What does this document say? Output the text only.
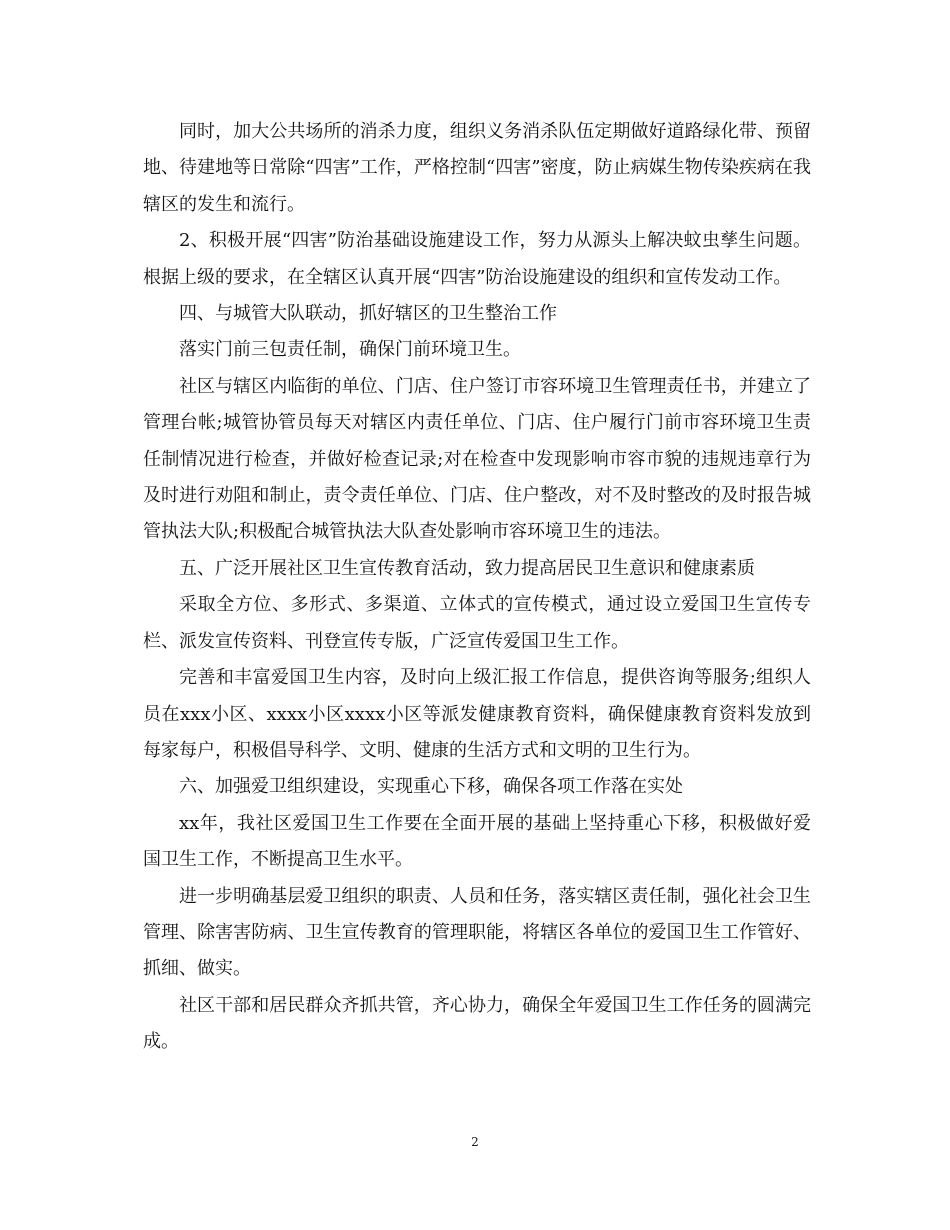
同时，加大公共场所的消杀力度，组织义务消杀队伍定期做好道路绿化带、预留地、待建地等日常除“四害”工作，严格控制“四害”密度，防止病媒生物传染疾病在我辖区的发生和流行。

2、积极开展“四害”防治基础设施建设工作，努力从源头上解决蚊虫孳生问题。根据上级的要求，在全辖区认真开展“四害”防治设施建设的组织和宣传发动工作。

四、与城管大队联动，抓好辖区的卫生整治工作

落实门前三包责任制，确保门前环境卫生。

社区与辖区内临街的单位、门店、住户签订市容环境卫生管理责任书，并建立了管理台帐;城管协管员每天对辖区内责任单位、门店、住户履行门前市容环境卫生责任制情况进行检查，并做好检查记录;对在检查中发现影响市容市貌的违规违章行为及时进行劝阻和制止，责令责任单位、门店、住户整改，对不及时整改的及时报告城管执法大队;积极配合城管执法大队查处影响市容环境卫生的违法。

五、广泛开展社区卫生宣传教育活动，致力提高居民卫生意识和健康素质

采取全方位、多形式、多渠道、立体式的宣传模式，通过设立爱国卫生宣传专栏、派发宣传资料、刊登宣传专版，广泛宣传爱国卫生工作。

完善和丰富爱国卫生内容，及时向上级汇报工作信息，提供咨询等服务;组织人员在xxx小区、xxxx小区xxxx小区等派发健康教育资料，确保健康教育资料发放到每家每户，积极倡导科学、文明、健康的生活方式和文明的卫生行为。

六、加强爱卫组织建设，实现重心下移，确保各项工作落在实处

xx年，我社区爱国卫生工作要在全面开展的基础上坚持重心下移，积极做好爱国卫生工作，不断提高卫生水平。

进一步明确基层爱卫组织的职责、人员和任务，落实辖区责任制，强化社会卫生管理、除害害防病、卫生宣传教育的管理职能，将辖区各单位的爱国卫生工作管好、抓细、做实。

社区干部和居民群众齐抓共管，齐心协力，确保全年爱国卫生工作任务的圆满完成。

2
